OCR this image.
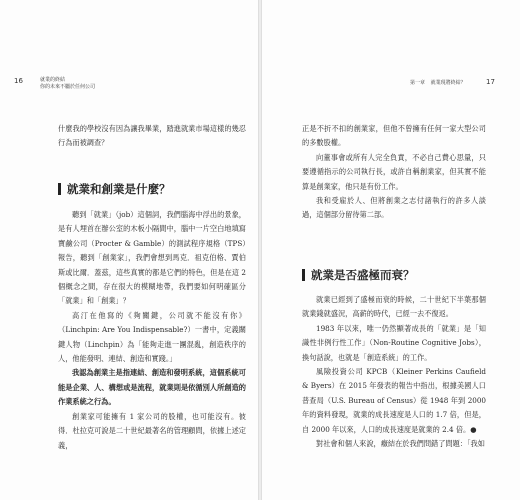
16	就業的終結
你的未來不屬於任何公司

什麼我的學校沒有因為讓我畢業，踏進就業市場這樣的幾忍行為而被調查？

就業和創業是什麼？

聽到「就業」（job）這個詞，我們腦海中浮出的景象，是有人埋首在辦公室的木板小隔間中，腦中一片空白地填寫寶鹼公司（Procter & Gamble）的測試程序規格（TPS）報告，聽到「創業家」，我們會想到馬克．祖克伯格、賈伯斯或比爾．蓋茲，這些真實的都是它們的特色，但是在這 2 個概念之間，存在很大的模糊地帶，我們要如何明確區分「就業」和「創業」？

高汀在他寫的《夠關鍵，公司就不能沒有你》（Linchpin: Are You Indispensable?）一書中，定義關鍵人物（Linchpin）為「能夠走進一團混亂，創造秩序的人，他能發明、連結、創造和實踐。」

我認為創業主是指連結、創造和發明系統，這個系統可能是企業、人、構想或是流程，就業則是依循別人所創造的作業系統之行為。

創業家可能擁有 1 家公司的股權，也可能沒有。彼得．杜拉克可說是二十世紀最著名的管理顧問，依據上述定義，

第一章 就業現將終結？	17

正是不折不扣的創業家，但他不曾擁有任何一家大型公司的多數股權。

向董事會或所有人完全負責，不必自己費心思量，只要遵循指示的公司執行長，或許自稱創業家，但其實不能算是創業家，他只是有份工作。

我和受雇於人、但將創業之志付諸執行的許多人談過，這個部分留待第二部。

就業是否盛極而衰？

就業已經到了盛極而衰的時候，二十世紀下半葉那個就業錢就盛況，高薪的時代，已經一去不復返。

1983 年以來，唯一仍然顯著成長的「就業」是「知識性非例行性工作」（Non-Routine Cognitive Jobs），換句話說，也就是「創造系統」的工作。

風險投資公司 KPCB（Kleiner Perkins Caufield & Byers）在 2015 年發表的報告中指出，根據美國人口普查局（U.S. Bureau of Census）從 1948 年到 2000 年的資料發現，就業的成長速度是人口的 1.7 倍，但是，自 2000 年以來，人口的成長速度是就業的 2.4 倍。●

對社會和個人來說，癥結在於我們問錯了問題：「我如
